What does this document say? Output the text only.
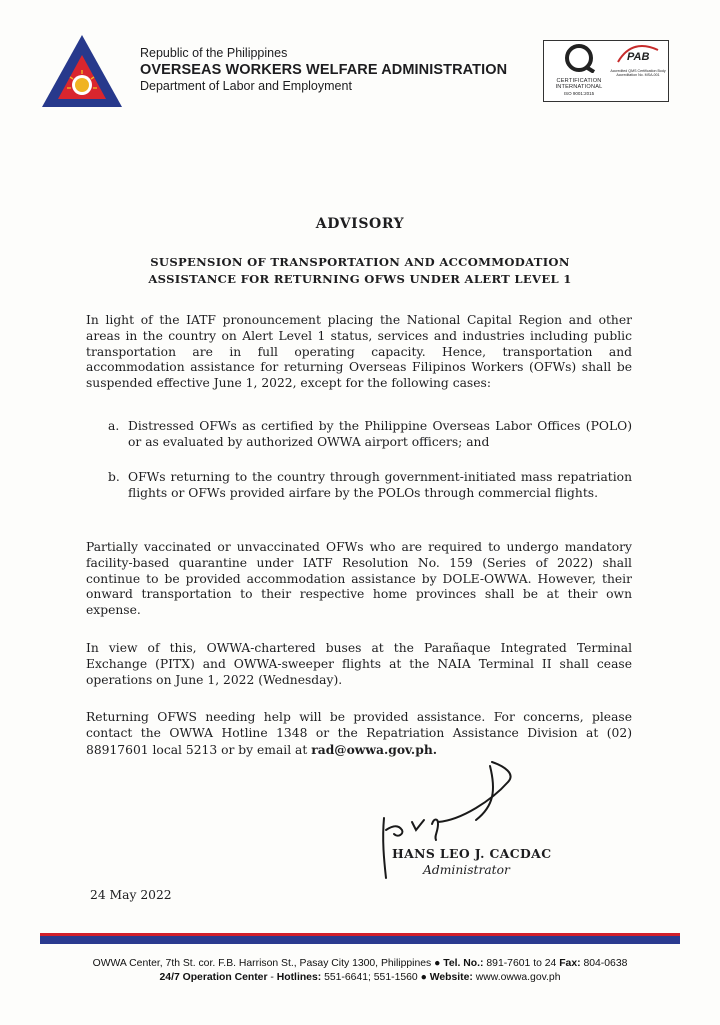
Republic of the Philippines
OVERSEAS WORKERS WELFARE ADMINISTRATION
Department of Labor and Employment	CERTIFICATION
INTERNATIONAL
ISO 9001:2015
PAB
Accredited QMS Certification Body Accreditation No. MSA-001
ADVISORY
SUSPENSION OF TRANSPORTATION AND ACCOMMODATION
ASSISTANCE FOR RETURNING OFWS UNDER ALERT LEVEL 1

In light of the IATF pronouncement placing the National Capital Region and other areas in the country on Alert Level 1 status, services and industries including public transportation are in full operating capacity. Hence, transportation and accommodation assistance for returning Overseas Filipinos Workers (OFWs) shall be suspended effective June 1, 2022, except for the following cases:

a. Distressed OFWs as certified by the Philippine Overseas Labor Offices (POLO) or as evaluated by authorized OWWA airport officers; and
b. OFWs returning to the country through government-initiated mass repatriation flights or OFWs provided airfare by the POLOs through commercial flights.

Partially vaccinated or unvaccinated OFWs who are required to undergo mandatory facility-based quarantine under IATF Resolution No. 159 (Series of 2022) shall continue to be provided accommodation assistance by DOLE-OWWA. However, their onward transportation to their respective home provinces shall be at their own expense.

In view of this, OWWA-chartered buses at the Parañaque Integrated Terminal Exchange (PITX) and OWWA-sweeper flights at the NAIA Terminal II shall cease operations on June 1, 2022 (Wednesday).

Returning OFWS needing help will be provided assistance. For concerns, please contact the OWWA Hotline 1348 or the Repatriation Assistance Division at (02) 88917601 local 5213 or by email at rad@owwa.gov.ph.

HANS LEO J. CACDAC
Administrator
24 May 2022
OWWA Center, 7th St. cor. F.B. Harrison St., Pasay City 1300, Philippines ● Tel. No.: 891-7601 to 24 Fax: 804-0638
24/7 Operation Center - Hotlines: 551-6641; 551-1560 ● Website: www.owwa.gov.ph
